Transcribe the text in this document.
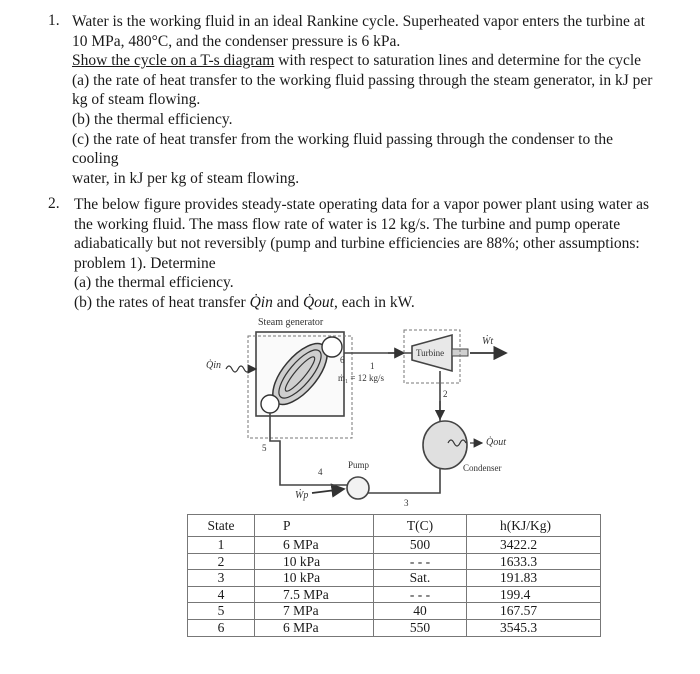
1. Water is the working fluid in an ideal Rankine cycle. Superheated vapor enters the turbine at
10 MPa, 480°C, and the condenser pressure is 6 kPa.
Show the cycle on a T-s diagram with respect to saturation lines and determine for the cycle
(a) the rate of heat transfer to the working fluid passing through the steam generator, in kJ per
kg of steam flowing.
(b) the thermal efficiency.
(c) the rate of heat transfer from the working fluid passing through the condenser to the cooling
water, in kJ per kg of steam flowing.
2. The below figure provides steady-state operating data for a vapor power plant using water as
the working fluid. The mass flow rate of water is 12 kg/s. The turbine and pump operate
adiabatically but not reversibly (pump and turbine efficiencies are 88%; other assumptions:
problem 1). Determine
(a) the thermal efficiency.
(b) the rates of heat transfer Q̇in and Q̇out, each in kW.
Steam generator
Q̇in	6
1
ṁ₁ = 12 kg/s
Turbine
Ẇt
2
Condenser
Q̇out
3
Pump
Ẇp
4
5
State	P	T(C)	h(KJ/Kg)
1	6 MPa	500	3422.2
2	10 kPa	- - -	1633.3
3	10 kPa	Sat.	191.83
4	7.5 MPa	- - -	199.4
5	7 MPa	40	167.57
6	6 MPa	550	3545.3
